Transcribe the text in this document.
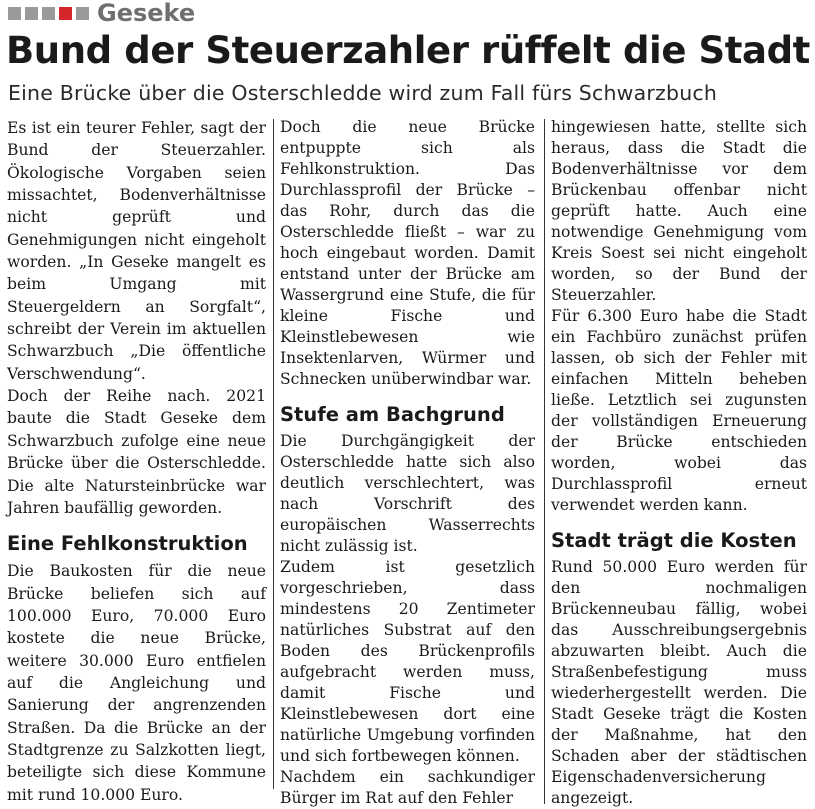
Geseke
Bund der Steuerzahler rüffelt die Stadt
Eine Brücke über die Osterschledde wird zum Fall fürs Schwarzbuch

Es ist ein teurer Fehler, sagt der Bund der Steuerzahler. Ökologische Vorgaben seien missachtet, Bodenverhältnisse nicht geprüft und Genehmigungen nicht eingeholt worden. „In Geseke mangelt es beim Umgang mit Steuergeldern an Sorgfalt“, schreibt der Verein im aktuellen Schwarzbuch „Die öffentliche Verschwendung“.

Doch der Reihe nach. 2021 baute die Stadt Geseke dem Schwarzbuch zufolge eine neue Brücke über die Osterschledde. Die alte Natursteinbrücke war Jahren baufällig geworden.

Eine Fehlkonstruktion

Die Baukosten für die neue Brücke beliefen sich auf 100.000 Euro, 70.000 Euro kostete die neue Brücke, weitere 30.000 Euro entfielen auf die Angleichung und Sanierung der angrenzenden Straßen. Da die Brücke an der Stadtgrenze zu Salzkotten liegt, beteiligte sich diese Kommune mit rund 10.000 Euro.

Doch die neue Brücke entpuppte sich als Fehlkonstruktion. Das Durchlassprofil der Brücke – das Rohr, durch das die Osterschledde fließt – war zu hoch eingebaut worden. Damit entstand unter der Brücke am Wassergrund eine Stufe, die für kleine Fische und Kleinstlebewesen wie Insektenlarven, Würmer und Schnecken unüberwindbar war.

Stufe am Bachgrund

Die Durchgängigkeit der Osterschledde hatte sich also deutlich verschlechtert, was nach Vorschrift des europäischen Wasserrechts nicht zulässig ist.

Zudem ist gesetzlich vorgeschrieben, dass mindestens 20 Zentimeter natürliches Substrat auf den Boden des Brückenprofils aufgebracht werden muss, damit Fische und Kleinstlebewesen dort eine natürliche Umgebung vorfinden und sich fortbewegen können.

Nachdem ein sachkundiger Bürger im Rat auf den Fehler

hingewiesen hatte, stellte sich heraus, dass die Stadt die Bodenverhältnisse vor dem Brückenbau offenbar nicht geprüft hatte. Auch eine notwendige Genehmigung vom Kreis Soest sei nicht eingeholt worden, so der Bund der Steuerzahler.

Für 6.300 Euro habe die Stadt ein Fachbüro zunächst prüfen lassen, ob sich der Fehler mit einfachen Mitteln beheben ließe. Letztlich sei zugunsten der vollständigen Erneuerung der Brücke entschieden worden, wobei das Durchlassprofil erneut verwendet werden kann.

Stadt trägt die Kosten

Rund 50.000 Euro werden für den nochmaligen Brückenneubau fällig, wobei das Ausschreibungsergebnis abzuwarten bleibt. Auch die Straßenbefestigung muss wiederhergestellt werden. Die Stadt Geseke trägt die Kosten der Maßnahme, hat den Schaden aber der städtischen Eigenschadenversicherung angezeigt.
